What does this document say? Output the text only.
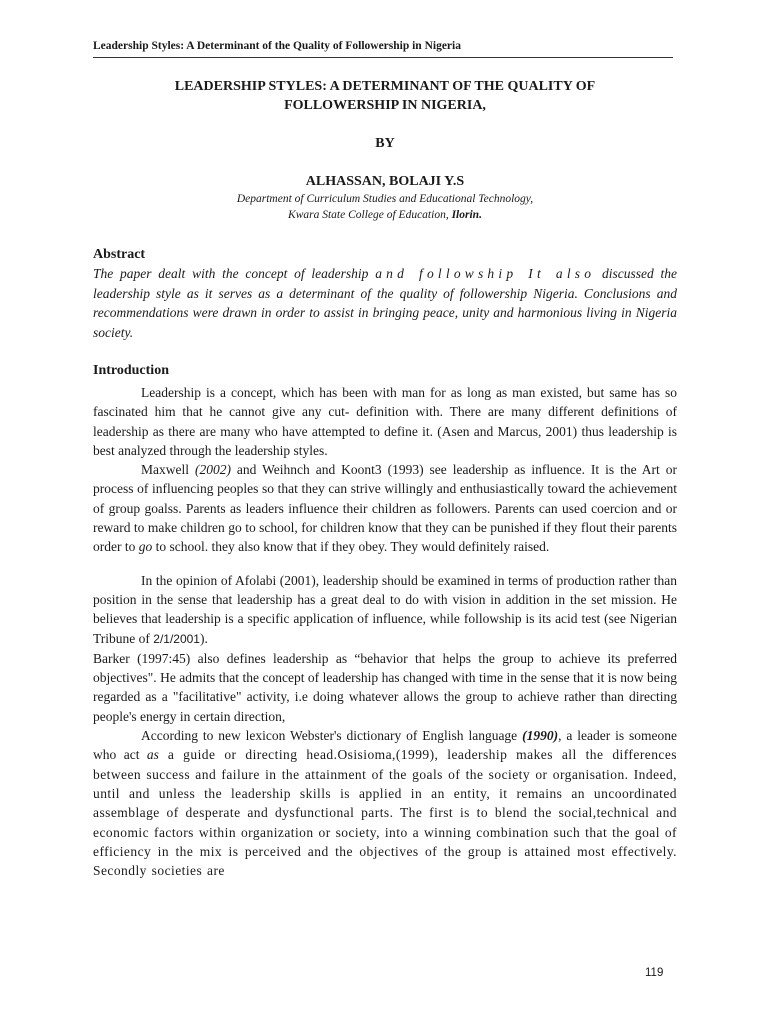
Leadership Styles: A Determinant of the Quality of Followership in Nigeria
LEADERSHIP STYLES: A DETERMINANT OF THE QUALITY OF
FOLLOWERSHIP IN NIGERIA,
BY
ALHASSAN, BOLAJI Y.S
Department of Curriculum Studies and Educational Technology,
Kwara State College of Education, Ilorin.
Abstract

The paper dealt with the concept of leadership and followship It also discussed the leadership style as it serves as a determinant of the quality of followership Nigeria. Conclusions and recommendations were drawn in order to assist in bringing peace, unity and harmonious living in Nigeria society.

Introduction

Leadership is a concept, which has been with man for as long as man existed, but same has so fascinated him that he cannot give any cut- definition with. There are many different definitions of leadership as there are many who have attempted to define it. (Asen and Marcus, 2001) thus leadership is best analyzed through the leadership styles.

Maxwell (2002) and Weihnch and Koont3 (1993) see leadership as influence. It is the Art or process of influencing peoples so that they can strive willingly and enthusiastically toward the achievement of group goalss. Parents as leaders influence their children as followers. Parents can used coercion and or reward to make children go to school, for children know that they can be punished if they flout their parents order to go to school. they also know that if they obey. They would definitely raised.

In the opinion of Afolabi (2001), leadership should be examined in terms of production rather than position in the sense that leadership has a great deal to do with vision in addition in the set mission. He believes that leadership is a specific application of influence, while followship is its acid test (see Nigerian Tribune of 2/1/2001).

Barker (1997:45) also defines leadership as “behavior that helps the group to achieve its preferred objectives". He admits that the concept of leadership has changed with time in the sense that it is now being regarded as a "facilitative" activity, i.e doing whatever allows the group to achieve rather than directing people's energy in certain direction,

According to new lexicon Webster's dictionary of English language (1990), a leader is someone who act as a guide or directing head.Osisioma,(1999), leadership makes all the differences between success and failure in the attainment of the goals of the society or organisation. Indeed, until and unless the leadership skills is applied in an entity, it remains an uncoordinated assemblage of desperate and dysfunctional parts. The first is to blend the social,technical and economic factors within organization or society, into a winning combination such that the goal of efficiency in the mix is perceived and the objectives of the group is attained most effectively. Secondly societies are

119
